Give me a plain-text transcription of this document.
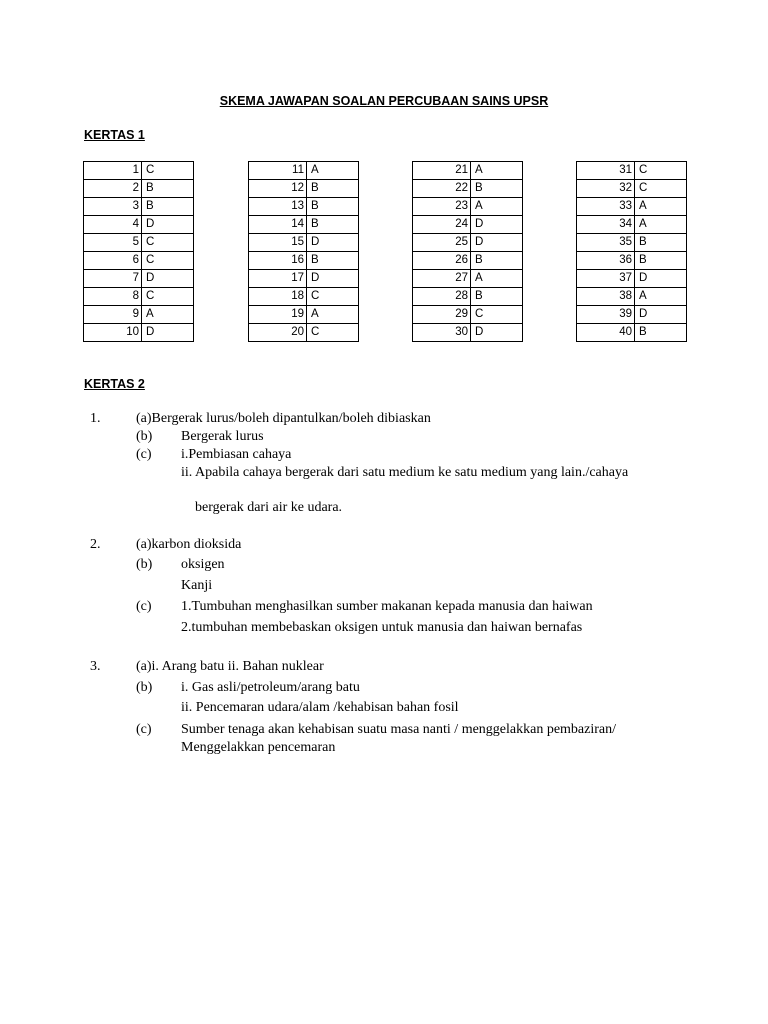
SKEMA JAWAPAN SOALAN PERCUBAAN SAINS UPSR
KERTAS 1
1	C
2	B
3	B
4	D
5	C
6	C
7	D
8	C
9	A
10	D
11	A
12	B
13	B
14	B
15	D
16	B
17	D
18	C
19	A
20	C
21	A
22	B
23	A
24	D
25	D
26	B
27	A
28	B
29	C
30	D
31	C
32	C
33	A
34	A
35	B
36	B
37	D
38	A
39	D
40	B
KERTAS 2
1.	(a)Bergerak lurus/boleh dipantulkan/boleh dibiaskan
(b) Bergerak lurus
(c) i.Pembiasan cahaya
ii. Apabila cahaya bergerak dari satu medium ke satu medium yang lain./cahaya
bergerak dari air ke udara.
2.	(a)karbon dioksida
(b) oksigen
Kanji
(c) 1.Tumbuhan menghasilkan sumber makanan kepada manusia dan haiwan
2.tumbuhan membebaskan oksigen untuk manusia dan haiwan bernafas
3.	(a)i. Arang batu ii. Bahan nuklear
(b) i. Gas asli/petroleum/arang batu
ii. Pencemaran udara/alam /kehabisan bahan fosil
(c) Sumber tenaga akan kehabisan suatu masa nanti / menggelakkan pembaziran/
Menggelakkan pencemaran
